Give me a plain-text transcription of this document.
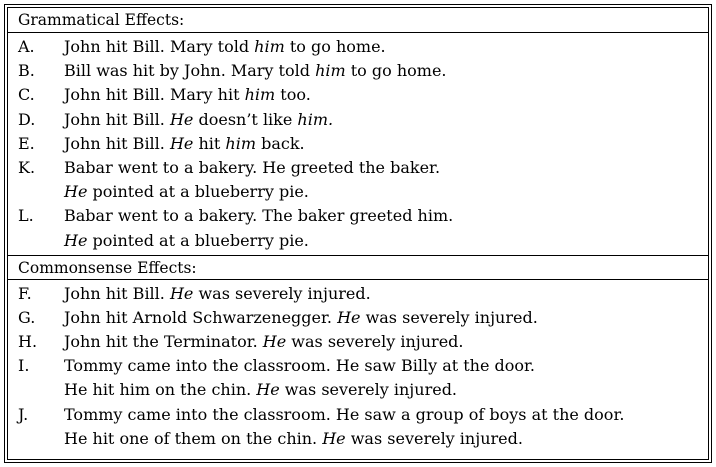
Grammatical Effects:
A.	John hit Bill. Mary told him to go home.
B.	Bill was hit by John. Mary told him to go home.
C.	John hit Bill. Mary hit him too.
D.	John hit Bill. He doesn’t like him.
E.	John hit Bill. He hit him back.
K.	Babar went to a bakery. He greeted the baker.
He pointed at a blueberry pie.
L.	Babar went to a bakery. The baker greeted him.
He pointed at a blueberry pie.
Commonsense Effects:
F.	John hit Bill. He was severely injured.
G.	John hit Arnold Schwarzenegger. He was severely injured.
H.	John hit the Terminator. He was severely injured.
I.	Tommy came into the classroom. He saw Billy at the door.
He hit him on the chin. He was severely injured.
J.	Tommy came into the classroom. He saw a group of boys at the door.
He hit one of them on the chin. He was severely injured.
